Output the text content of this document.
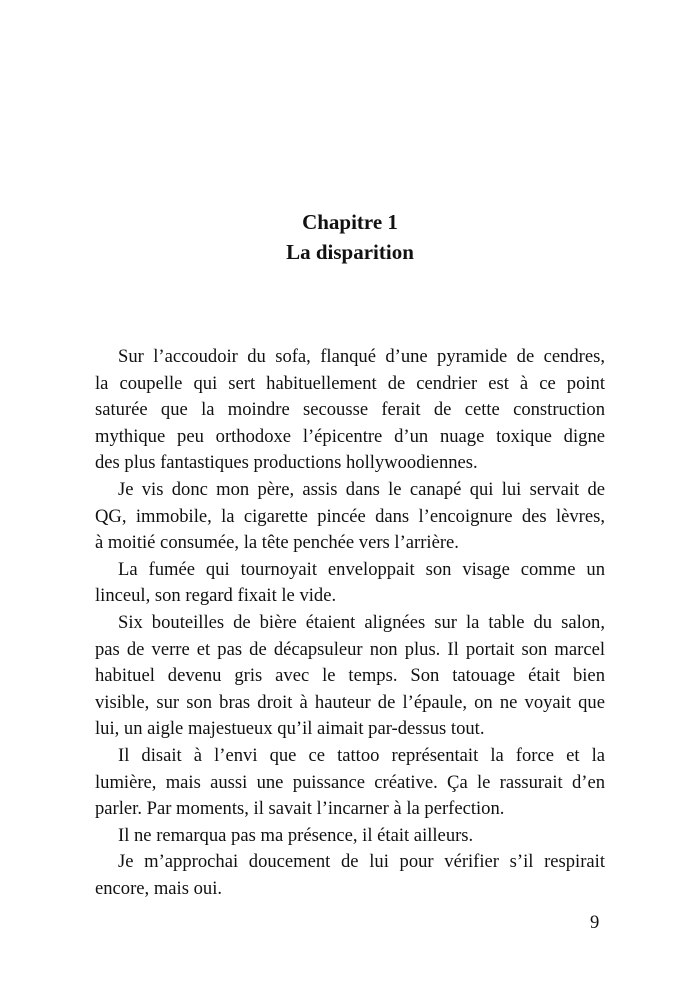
Chapitre 1
La disparition
Sur l’accoudoir du sofa, flanqué d’une pyramide de cendres,
la coupelle qui sert habituellement de cendrier est à ce point
saturée que la moindre secousse ferait de cette construction
mythique peu orthodoxe l’épicentre d’un nuage toxique digne
des plus fantastiques productions hollywoodiennes.
Je vis donc mon père, assis dans le canapé qui lui servait de
QG, immobile, la cigarette pincée dans l’encoignure des lèvres,
à moitié consumée, la tête penchée vers l’arrière.
La fumée qui tournoyait enveloppait son visage comme un
linceul, son regard fixait le vide.
Six bouteilles de bière étaient alignées sur la table du salon,
pas de verre et pas de décapsuleur non plus. Il portait son marcel
habituel devenu gris avec le temps. Son tatouage était bien
visible, sur son bras droit à hauteur de l’épaule, on ne voyait que
lui, un aigle majestueux qu’il aimait par-dessus tout.
Il disait à l’envi que ce tattoo représentait la force et la
lumière, mais aussi une puissance créative. Ça le rassurait d’en
parler. Par moments, il savait l’incarner à la perfection.
Il ne remarqua pas ma présence, il était ailleurs.
Je m’approchai doucement de lui pour vérifier s’il respirait
encore, mais oui.
9
